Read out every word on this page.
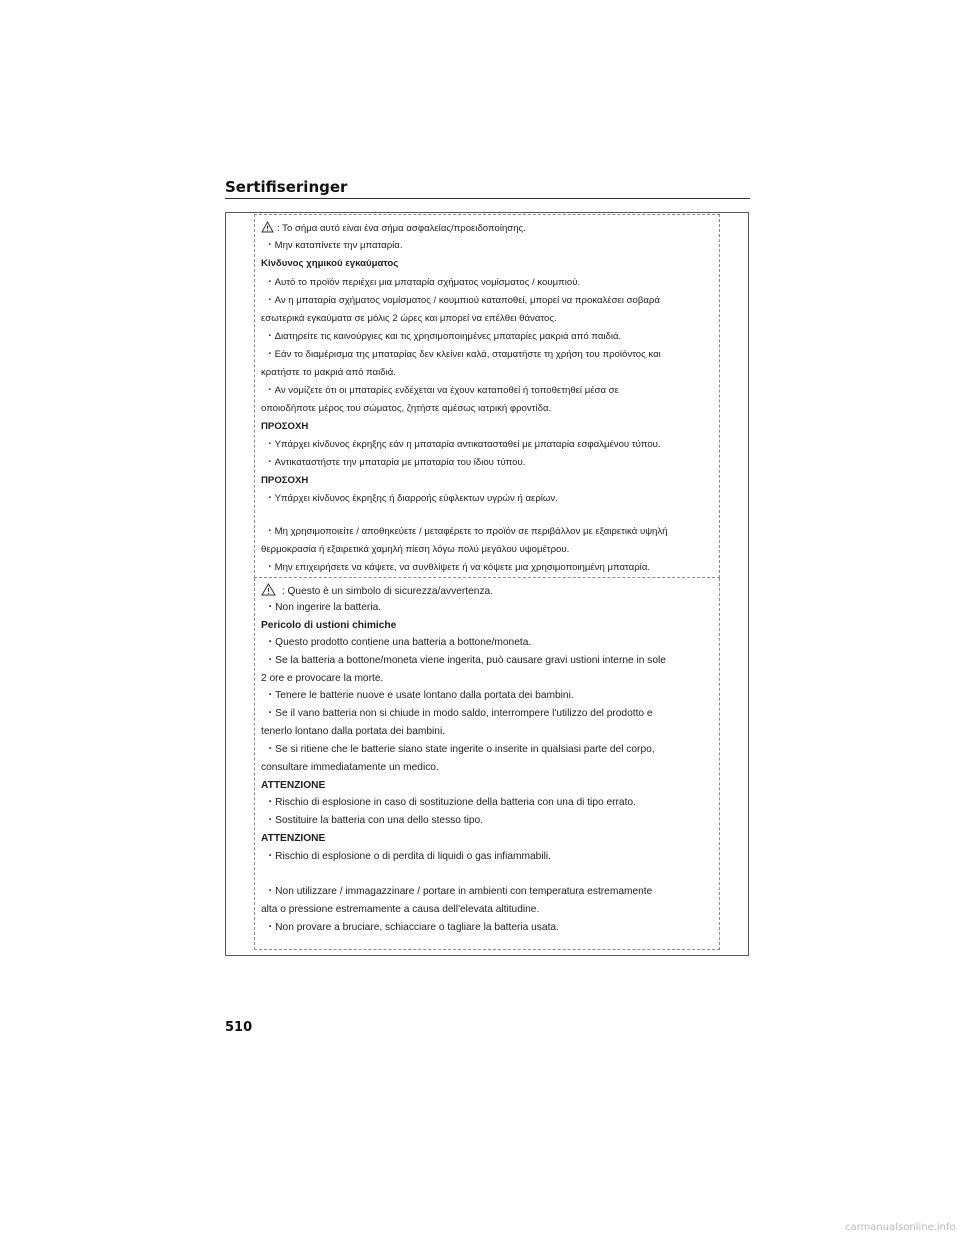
Sertifiseringer
: Το σήμα αυτό είναι ένα σήμα ασφαλείας/προειδοποίησης.
・Μην καταπίνετε την μπαταρία.
Κίνδυνος χημικού εγκαύματος
・Αυτό το προϊόν περιέχει μια μπαταρία σχήματος νομίσματος / κουμπιού.
・Αν η μπαταρία σχήματος νομίσματος / κουμπιού καταποθεί, μπορεί να προκαλέσει σοβαρά
εσωτερικά εγκαύματα σε μόλις 2 ώρες και μπορεί να επέλθει θάνατος.
・Διατηρείτε τις καινούργιες και τις χρησιμοποιημένες μπαταρίες μακριά από παιδιά.
・Εάν το διαμέρισμα της μπαταρίας δεν κλείνει καλά, σταματήστε τη χρήση του προϊόντος και
κρατήστε το μακριά από παιδιά.
・Αν νομίζετε ότι οι μπαταρίες ενδέχεται να έχουν καταποθεί ή τοποθετηθεί μέσα σε
οποιοδήποτε μέρος του σώματος, ζητήστε αμέσως ιατρική φροντίδα.
ΠΡΟΣΟΧΗ
・Υπάρχει κίνδυνος έκρηξης εάν η μπαταρία αντικατασταθεί με μπαταρία εσφαλμένου τύπου.
・Αντικαταστήστε την μπαταρία με μπαταρία του ίδιου τύπου.
ΠΡΟΣΟΧΗ
・Υπάρχει κίνδυνος έκρηξης ή διαρροής εύφλεκτων υγρών ή αερίων.
・Μη χρησιμοποιείτε / αποθηκεύετε / μεταφέρετε το προϊόν σε περιβάλλον με εξαιρετικά υψηλή
θερμοκρασία ή εξαιρετικά χαμηλή πίεση λόγω πολύ μεγάλου υψομέτρου.
・Μην επιχειρήσετε να κάψετε, να συνθλίψετε ή να κόψετε μια χρησιμοποιημένη μπαταρία.
: Questo è un simbolo di sicurezza/avvertenza.
・Non ingerire la batteria.
Pericolo di ustioni chimiche
・Questo prodotto contiene una batteria a bottone/moneta.
・Se la batteria a bottone/moneta viene ingerita, può causare gravi ustioni interne in sole
2 ore e provocare la morte.
・Tenere le batterie nuove e usate lontano dalla portata dei bambini.
・Se il vano batteria non si chiude in modo saldo, interrompere l'utilizzo del prodotto e
tenerlo lontano dalla portata dei bambini.
・Se si ritiene che le batterie siano state ingerite o inserite in qualsiasi parte del corpo,
consultare immediatamente un medico.
ATTENZIONE
・Rischio di esplosione in caso di sostituzione della batteria con una di tipo errato.
・Sostituire la batteria con una dello stesso tipo.
ATTENZIONE
・Rischio di esplosione o di perdita di liquidi o gas infiammabili.
・Non utilizzare / immagazzinare / portare in ambienti con temperatura estremamente
alta o pressione estremamente a causa dell'elevata altitudine.
・Non provare a bruciare, schiacciare o tagliare la batteria usata.
510
carmanualsonline.info
